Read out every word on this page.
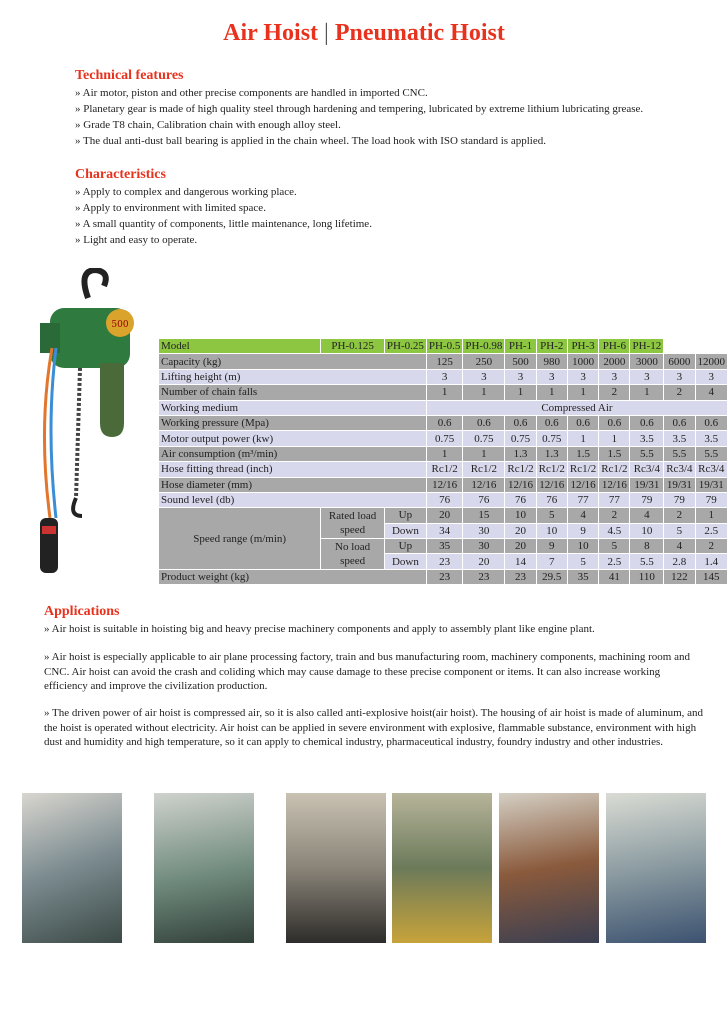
Air Hoist | Pneumatic Hoist
Technical features
» Air motor, piston and other precise components are handled in imported CNC.
» Planetary gear is made of high quality steel through hardening and tempering, lubricated by extreme lithium lubricating grease.
» Grade T8 chain, Calibration chain with enough alloy steel.
» The dual anti-dust ball bearing is applied in the chain wheel. The load hook with ISO standard is applied.
Characteristics
» Apply to complex and dangerous working place.
» Apply to environment with limited space.
» A small quantity of components, little maintenance, long lifetime.
» Light and easy to operate.
500
Model	PH-0.125	PH-0.25	PH-0.5	PH-0.98	PH-1	PH-2	PH-3	PH-6	PH-12		
Capacity (kg)			125	250	500	980	1000	2000	3000	6000	12000
Lifting height (m)			3	3	3	3	3	3	3	3	3
Number of chain falls			1	1	1	1	1	2	1	2	4
Working medium			Compressed Air								
Working pressure (Mpa)			0.6	0.6	0.6	0.6	0.6	0.6	0.6	0.6	0.6
Motor output power (kw)			0.75	0.75	0.75	0.75	1	1	3.5	3.5	3.5
Air consumption (m³/min)			1	1	1.3	1.3	1.5	1.5	5.5	5.5	5.5
Hose fitting thread (inch)			Rc1/2	Rc1/2	Rc1/2	Rc1/2	Rc1/2	Rc1/2	Rc3/4	Rc3/4	Rc3/4
Hose diameter (mm)			12/16	12/16	12/16	12/16	12/16	12/16	19/31	19/31	19/31
Sound level (db)			76	76	76	76	77	77	79	79	79
Speed range (m/min)	Rated load speed	Up	20	15	10	5	4	2	4	2	1
		Down	34	30	20	10	9	4.5	10	5	2.5
	No load speed	Up	35	30	20	9	10	5	8	4	2
		Down	23	20	14	7	5	2.5	5.5	2.8	1.4
Product weight (kg)			23	23	23	29.5	35	41	110	122	145
Applications
» Air hoist is suitable in hoisting big and heavy precise machinery components and apply to assembly plant like engine plant.
» Air hoist is especially applicable to air plane processing factory, train and bus manufacturing room, machinery components, machining room and CNC. Air hoist can avoid the crash and coliding which may cause damage to these precise component or items. It can also increase working efficiency and improve the civilization production.
» The driven power of air hoist is compressed air, so it is also called anti-explosive hoist(air hoist). The housing of air hoist is made of aluminum, and the hoist is operated without electricity. Air hoist can be applied in severe environment with explosive, flammable substance, environment with high dust and humidity and high temperature, so it can apply to chemical industry, pharmaceutical industry, foundry industry and other industries.
